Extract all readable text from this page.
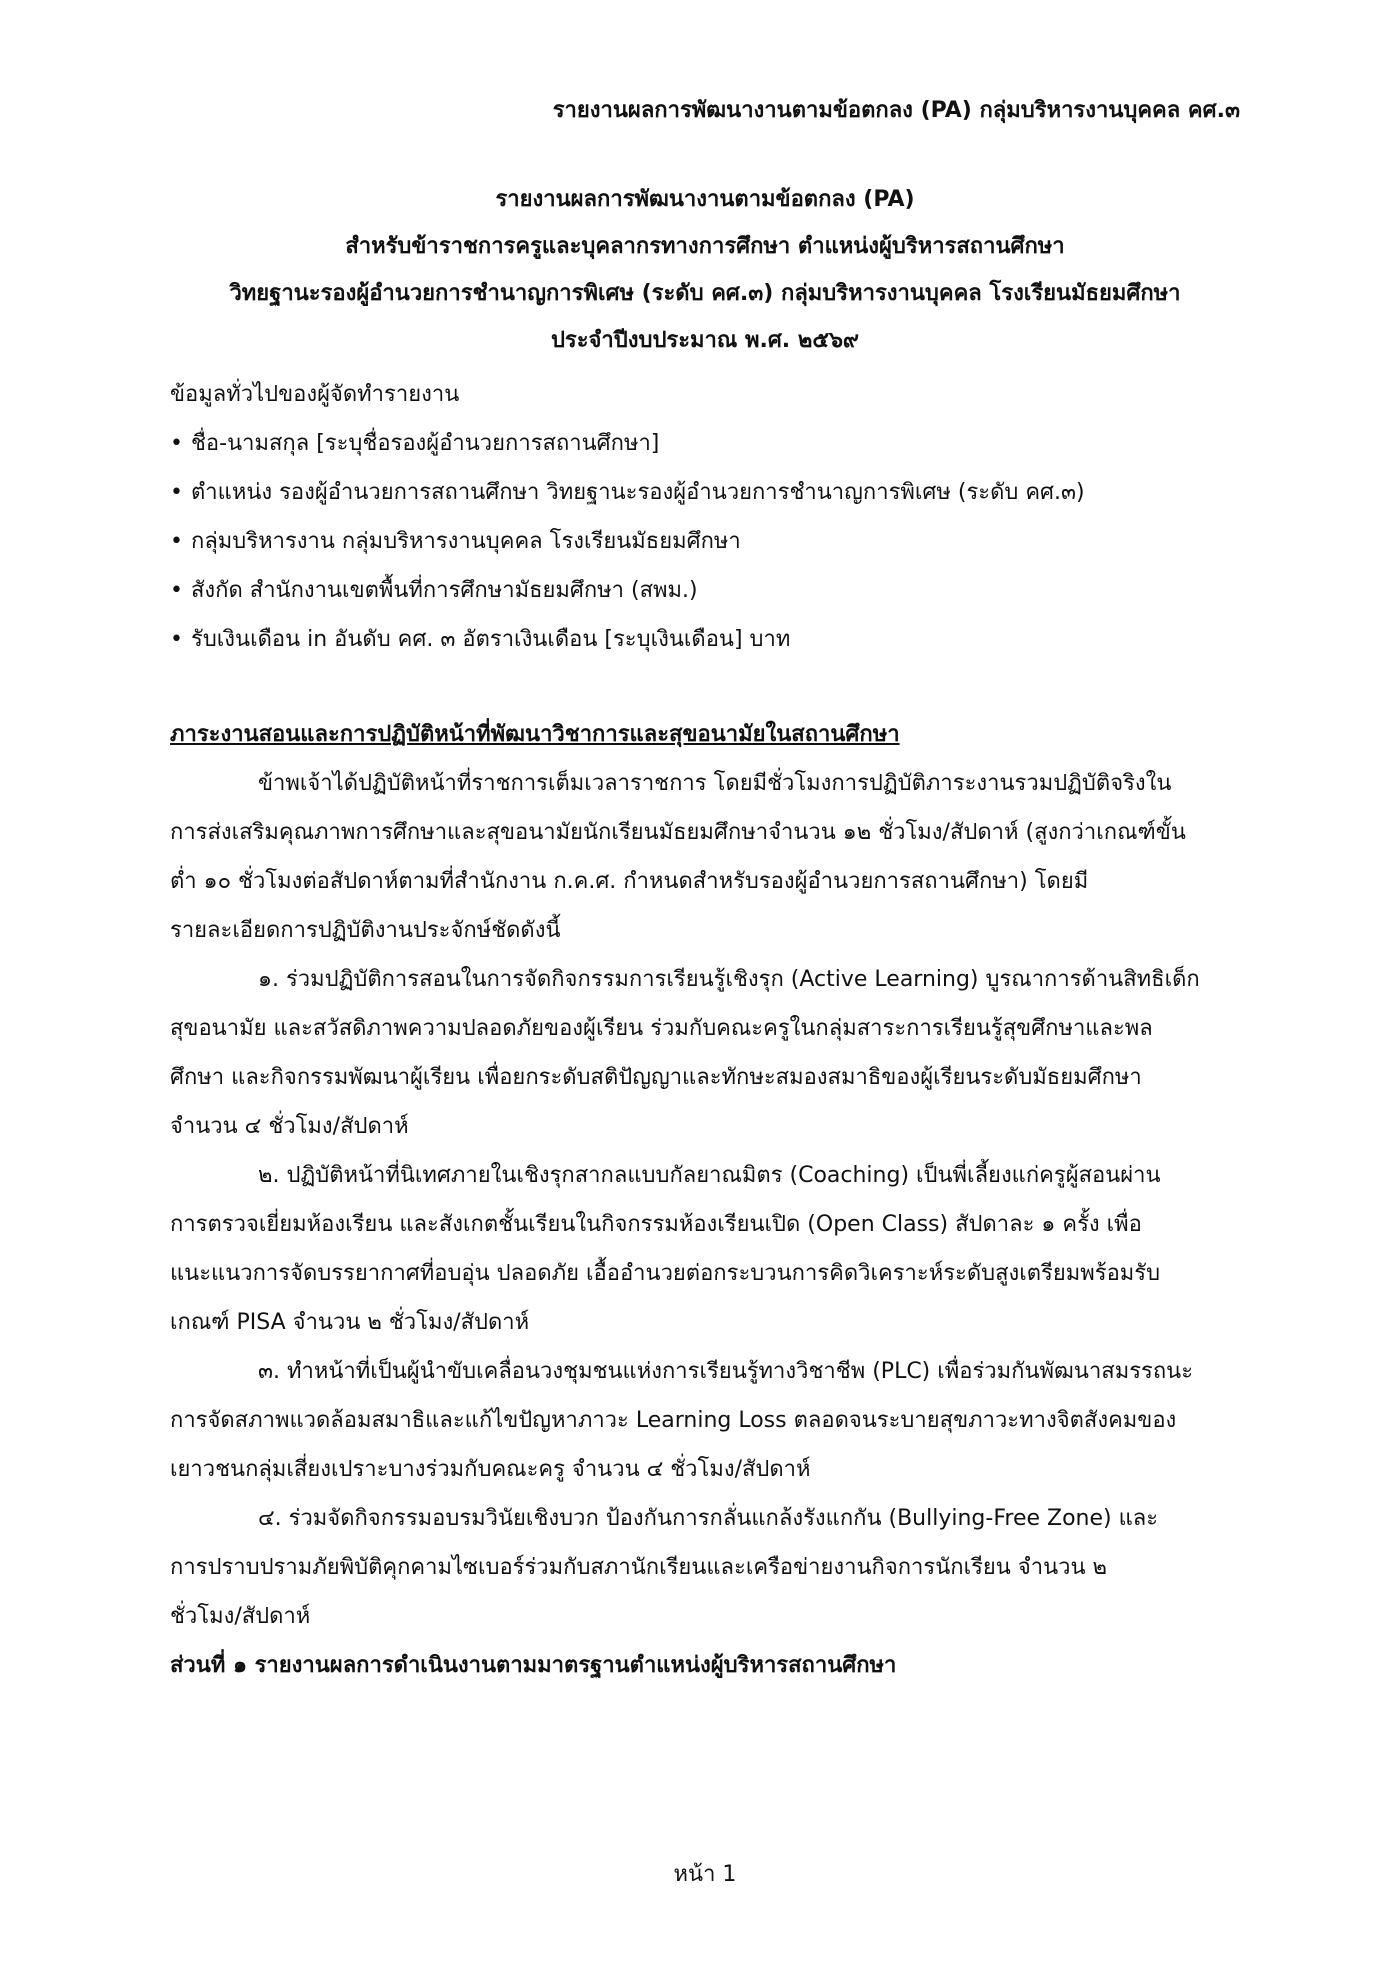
รายงานผลการพัฒนางานตามข้อตกลง (PA) กลุ่มบริหารงานบุคคล คศ.๓
รายงานผลการพัฒนางานตามข้อตกลง (PA)
สำหรับข้าราชการครูและบุคลากรทางการศึกษา ตำแหน่งผู้บริหารสถานศึกษา
วิทยฐานะรองผู้อำนวยการชำนาญการพิเศษ (ระดับ คศ.๓) กลุ่มบริหารงานบุคคล โรงเรียนมัธยมศึกษา
ประจำปีงบประมาณ พ.ศ. ๒๕๖๙
ข้อมูลทั่วไปของผู้จัดทำรายงาน
• ชื่อ-นามสกุล [ระบุชื่อรองผู้อำนวยการสถานศึกษา]
• ตำแหน่ง รองผู้อำนวยการสถานศึกษา วิทยฐานะรองผู้อำนวยการชำนาญการพิเศษ (ระดับ คศ.๓)
• กลุ่มบริหารงาน กลุ่มบริหารงานบุคคล โรงเรียนมัธยมศึกษา
• สังกัด สำนักงานเขตพื้นที่การศึกษามัธยมศึกษา (สพม.)
• รับเงินเดือน in อันดับ คศ. ๓ อัตราเงินเดือน [ระบุเงินเดือน] บาท
ภาระงานสอนและการปฏิบัติหน้าที่พัฒนาวิชาการและสุขอนามัยในสถานศึกษา
ข้าพเจ้าได้ปฏิบัติหน้าที่ราชการเต็มเวลาราชการ โดยมีชั่วโมงการปฏิบัติภาระงานรวมปฏิบัติจริงใน
การส่งเสริมคุณภาพการศึกษาและสุขอนามัยนักเรียนมัธยมศึกษาจำนวน ๑๒ ชั่วโมง/สัปดาห์ (สูงกว่าเกณฑ์ขั้น
ต่ำ ๑๐ ชั่วโมงต่อสัปดาห์ตามที่สำนักงาน ก.ค.ศ. กำหนดสำหรับรองผู้อำนวยการสถานศึกษา) โดยมี
รายละเอียดการปฏิบัติงานประจักษ์ชัดดังนี้
๑. ร่วมปฏิบัติการสอนในการจัดกิจกรรมการเรียนรู้เชิงรุก (Active Learning) บูรณาการด้านสิทธิเด็ก
สุขอนามัย และสวัสดิภาพความปลอดภัยของผู้เรียน ร่วมกับคณะครูในกลุ่มสาระการเรียนรู้สุขศึกษาและพล
ศึกษา และกิจกรรมพัฒนาผู้เรียน เพื่อยกระดับสติปัญญาและทักษะสมองสมาธิของผู้เรียนระดับมัธยมศึกษา
จำนวน ๔ ชั่วโมง/สัปดาห์
๒. ปฏิบัติหน้าที่นิเทศภายในเชิงรุกสากลแบบกัลยาณมิตร (Coaching) เป็นพี่เลี้ยงแก่ครูผู้สอนผ่าน
การตรวจเยี่ยมห้องเรียน และสังเกตชั้นเรียนในกิจกรรมห้องเรียนเปิด (Open Class) สัปดาละ ๑ ครั้ง เพื่อ
แนะแนวการจัดบรรยากาศที่อบอุ่น ปลอดภัย เอื้ออำนวยต่อกระบวนการคิดวิเคราะห์ระดับสูงเตรียมพร้อมรับ
เกณฑ์ PISA จำนวน ๒ ชั่วโมง/สัปดาห์
๓. ทำหน้าที่เป็นผู้นำขับเคลื่อนวงชุมชนแห่งการเรียนรู้ทางวิชาชีพ (PLC) เพื่อร่วมกันพัฒนาสมรรถนะ
การจัดสภาพแวดล้อมสมาธิและแก้ไขปัญหาภาวะ Learning Loss ตลอดจนระบายสุขภาวะทางจิตสังคมของ
เยาวชนกลุ่มเสี่ยงเปราะบางร่วมกับคณะครู จำนวน ๔ ชั่วโมง/สัปดาห์
๔. ร่วมจัดกิจกรรมอบรมวินัยเชิงบวก ป้องกันการกลั่นแกล้งรังแกกัน (Bullying-Free Zone) และ
การปราบปรามภัยพิบัติคุกคามไซเบอร์ร่วมกับสภานักเรียนและเครือข่ายงานกิจการนักเรียน จำนวน ๒
ชั่วโมง/สัปดาห์
ส่วนที่ ๑ รายงานผลการดำเนินงานตามมาตรฐานตำแหน่งผู้บริหารสถานศึกษา
หน้า 1
